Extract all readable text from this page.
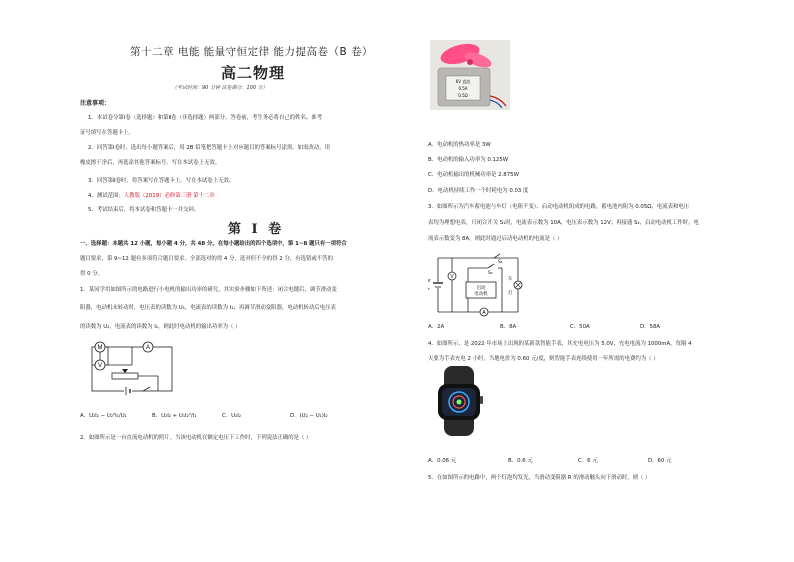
第十二章 电能 能量守恒定律 能力提高卷（B 卷）
高二物理
（考试时间：90 分钟 试卷满分：100 分）
注意事项：
1．本试卷分第Ⅰ卷（选择题）和第Ⅱ卷（非选择题）两部分。答卷前，考生务必将自己的姓名、准考
证号填写在答题卡上。
2．回答第Ⅰ卷时，选出每小题答案后，用 2B 铅笔把答题卡上对应题目的答案标号涂黑。如需改动，用
橡皮擦干净后，再选涂其他答案标号。写在本试卷上无效。
3．回答第Ⅱ卷时，将答案写在答题卡上。写在本试卷上无效。
4．测试范围：人教版（2019）必修第三册 第十二章
5．考试结束后，将本试卷和答题卡一并交回。
第 I 卷
一、选择题：本题共 12 小题，每小题 4 分，共 48 分。在每小题给出的四个选项中，第 1~8 题只有一项符合
题目要求，第 9~12 题有多项符合题目要求。全部选对的得 4 分，选对但不全的得 2 分，有选错或不答的
得 0 分。
1．某同学用如图所示的电路进行小电机的输出功率的研究，其实验步骤如下所述：闭合电键后，调节滑动变
阻器，电动机未转动时，电压表的读数为 U₁，电流表的读数为 I₁；再调节滑动变阻器，电动机转动后电压表
的读数为 U₂，电流表的读数为 I₂，则此时电动机的输出功率为（ ）
M
V
A
A．U₂I₂ − U₂²I₁/U₁	B．U₂I₂ + U₁I₂²/I₁	C．U₂I₂	D．(U₂ − U₁)I₂
2．如图所示是一台直流电动机的照片。当该电动机在额定电压下工作时，下列说法正确的是（ ）
6V 直流
0.5A
0.5Ω
A．电动机的热功率是 3W
B．电动机的输入功率为 0.125W
C．电动机输出的机械功率是 2.875W
D．电动机持续工作一个时耗电为 0.03 度
3．如图所示为汽车蓄电池与车灯（电阻不变）、启动电动机组成的电路，蓄电池内阻为 0.05Ω，电流表和电压
表均为理想电表，只闭合开关 S₁时，电流表示数为 10A，电压表示数为 12V；再接通 S₂，启动电动机工作时，电
流表示数变为 8A，则此时通过启动电动机的电流是（ ）
V
启动
电动机
A
S₁
S₂
车
灯
E
r
A．2A	B．8A	C．50A	D．58A
4．如图所示，是 2022 年市场上出现的某新款智能手表，其充电电压为 5.0V，充电电流为 1000mA，每隔 4
天要为手表充电 2 小时，当地电价为 0.60 元/度，则智能手表连续使用一年所需的电费约为（ ）
A．0.06 元	B．0.6 元	C．6 元	D．60 元
5．在如图所示的电路中，两个灯泡均发光，当滑动变阻器 R 的滑动触头向下滑动时，则（ ）
